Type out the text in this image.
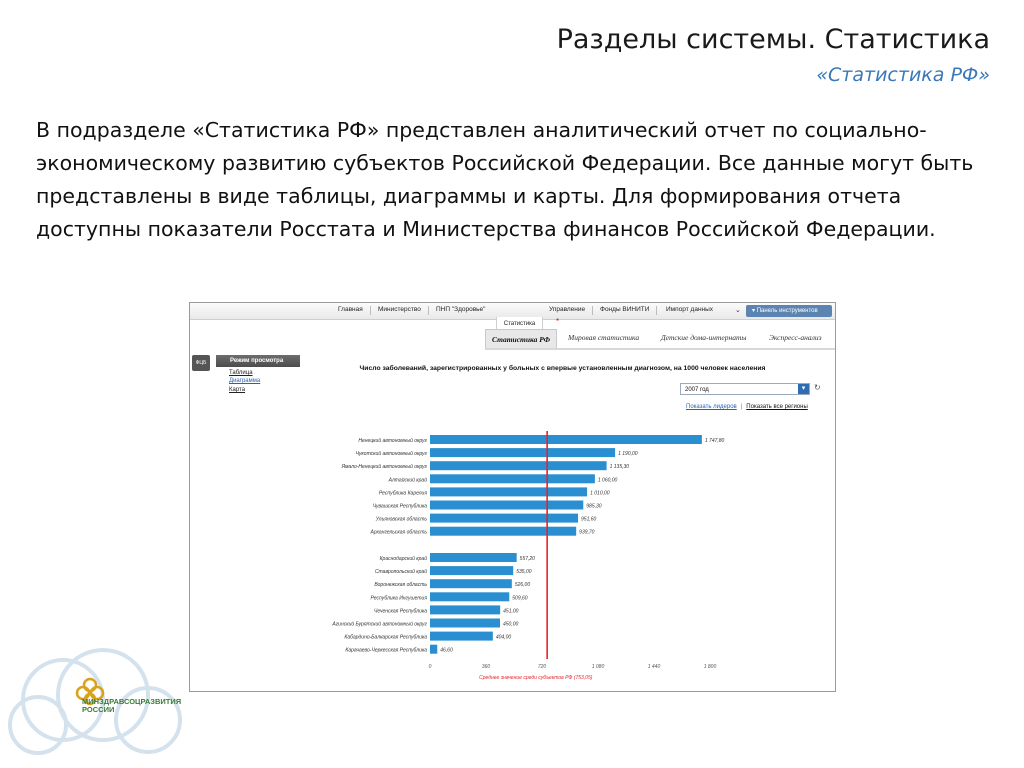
Разделы системы. Статистика
«Статистика РФ»
В подразделе «Статистика РФ» представлен аналитический отчет по социально-экономическому развитию субъектов Российской Федерации. Все данные могут быть представлены в виде таблицы, диаграммы и карты. Для формирования отчета доступны показатели Росстата и Министерства финансов Российской Федерации.
МИНЗДРАВСОЦРАЗВИТИЯ РОССИИ
Главная Министерство ПНП "Здоровье"	Управление Фонды ВИНИТИ	Импорт данных	⌄	▾ Панель инструментов
Статистика	*
Статистика РФ	Мировая статистика	Детские дома-интернаты	Экспресс-анализ
ФЦБ	Режим просмотра
Таблица
Диаграмма
Карта
Число заболеваний, зарегистрированных у больных с впервые установленным диагнозом, на 1000 человек населения
2007 год	▾	↻
Показать лидеров | Показать все регионы
Ненецкий автономный округ	1 747,80
Чукотский автономный округ	1 190,00
Ямало-Ненецкий автономный округ	1 135,30
Алтайский край	1 060,00
Республика Карелия	1 010,00
Чувашская Республика	985,30
Ульяновская область	951,60
Архангельская область	939,70
Краснодарский край	557,20
Ставропольский край	535,00
Воронежская область	526,00
Республика Ингушетия	509,60
Чеченская Республика	451,00
Агинский Бурятский автономный округ	450,00
Кабардино-Балкарская Республика	404,00
Карачаево-Черкесская Республика	46,60
0	360	720	1 080	1 440	1 800
Среднее значение среди субъектов РФ (753,05)
